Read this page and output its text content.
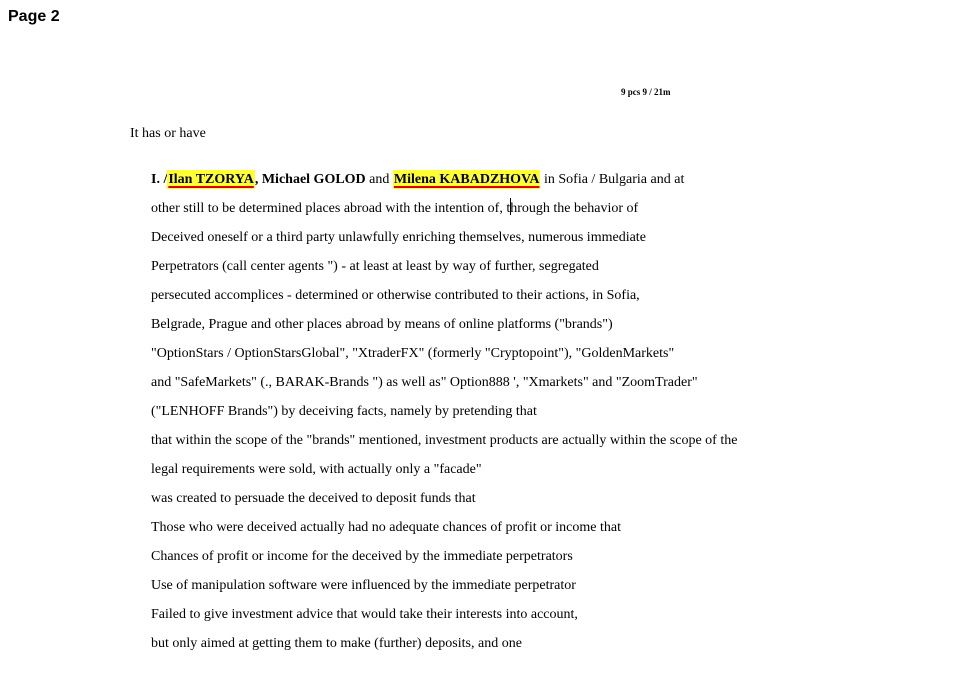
Page 2
9 pcs 9 / 21m
It has or have
I. /Ilan TZORYA, Michael GOLOD and Milena KABADZHOVA in Sofia / Bulgaria and at
other still to be determined places abroad with the intention of, through the behavior of
Deceived oneself or a third party unlawfully enriching themselves, numerous immediate
Perpetrators (call center agents ") - at least at least by way of further, segregated
persecuted accomplices - determined or otherwise contributed to their actions, in Sofia,
Belgrade, Prague and other places abroad by means of online platforms ("brands")
"OptionStars / OptionStarsGlobal", "XtraderFX" (formerly "Cryptopoint"), "GoldenMarkets"
and "SafeMarkets" (., BARAK-Brands ") as well as" Option888 ', "Xmarkets" and "ZoomTrader"
("LENHOFF Brands") by deceiving facts, namely by pretending that
that within the scope of the "brands" mentioned, investment products are actually within the scope of the
legal requirements were sold, with actually only a "facade"
was created to persuade the deceived to deposit funds that
Those who were deceived actually had no adequate chances of profit or income that
Chances of profit or income for the deceived by the immediate perpetrators
Use of manipulation software were influenced by the immediate perpetrator
Failed to give investment advice that would take their interests into account,
but only aimed at getting them to make (further) deposits, and one
